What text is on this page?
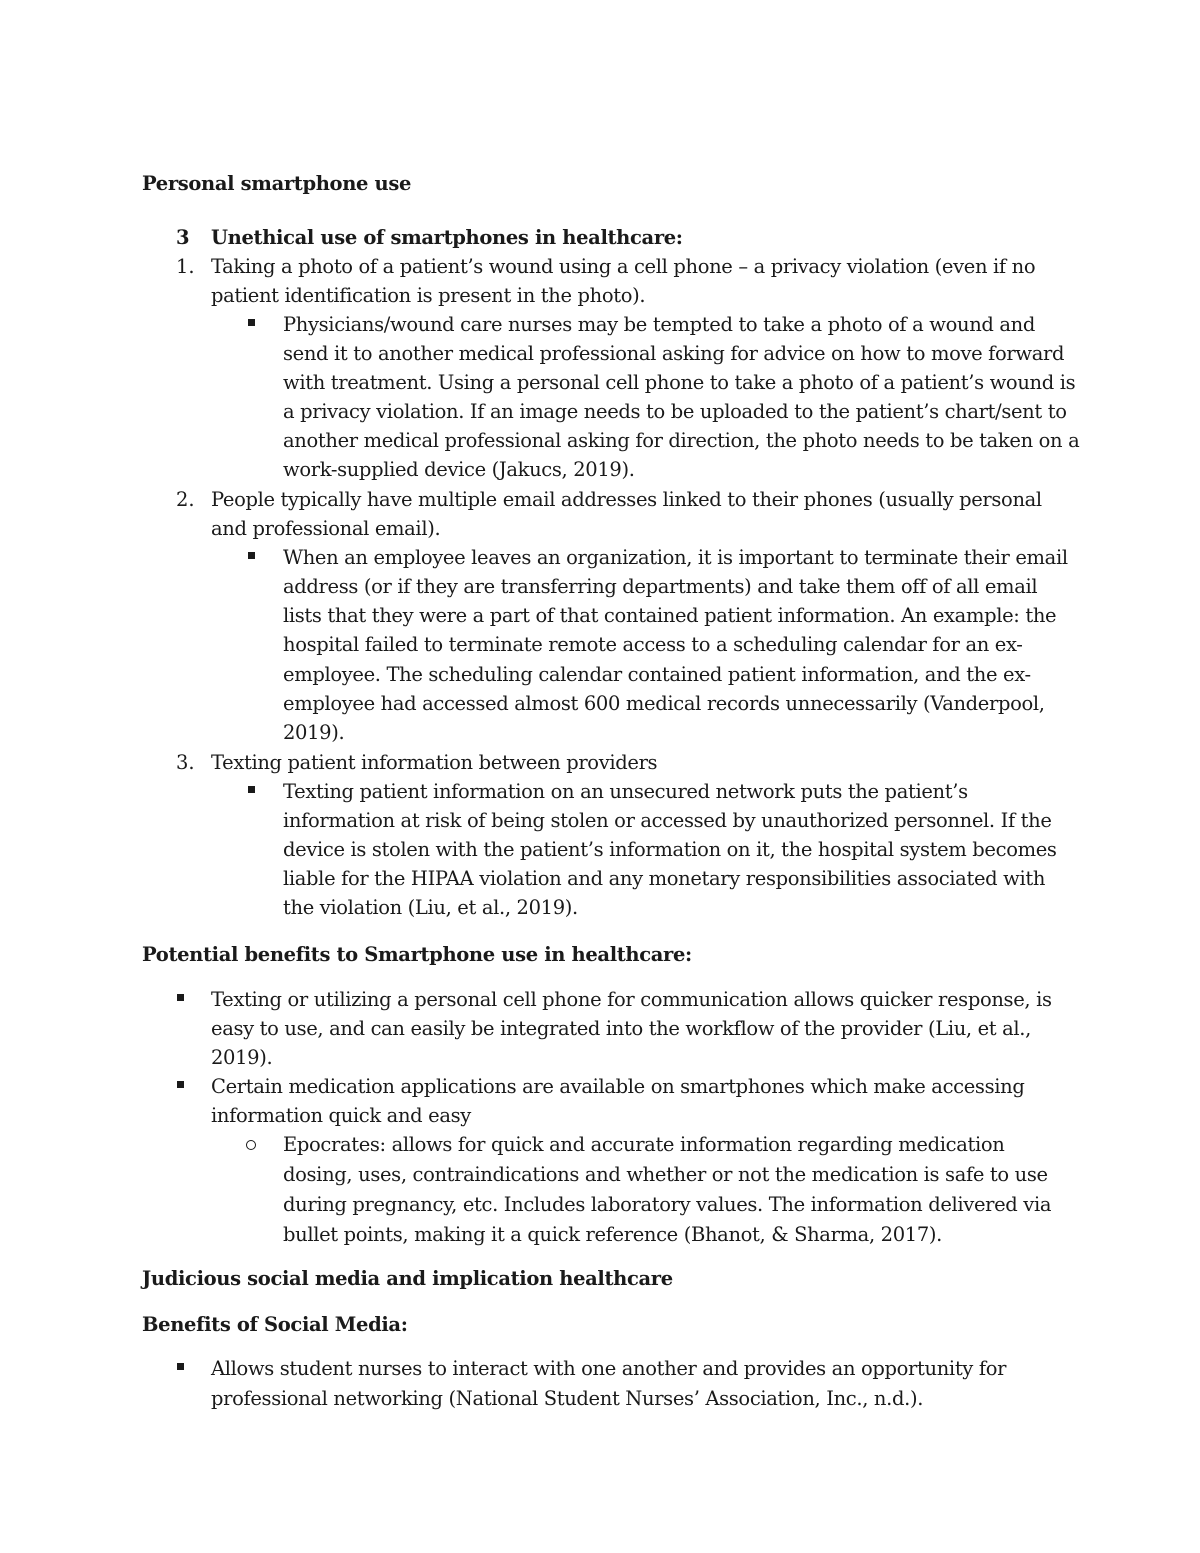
Personal smartphone use
3 Unethical use of smartphones in healthcare:
1. Taking a photo of a patient’s wound using a cell phone – a privacy violation (even if no
patient identification is present in the photo).
Physicians/wound care nurses may be tempted to take a photo of a wound and
send it to another medical professional asking for advice on how to move forward
with treatment. Using a personal cell phone to take a photo of a patient’s wound is
a privacy violation. If an image needs to be uploaded to the patient’s chart/sent to
another medical professional asking for direction, the photo needs to be taken on a
work-supplied device (Jakucs, 2019).
2. People typically have multiple email addresses linked to their phones (usually personal
and professional email).
When an employee leaves an organization, it is important to terminate their email
address (or if they are transferring departments) and take them off of all email
lists that they were a part of that contained patient information. An example: the
hospital failed to terminate remote access to a scheduling calendar for an ex-
employee. The scheduling calendar contained patient information, and the ex-
employee had accessed almost 600 medical records unnecessarily (Vanderpool,
2019).
3. Texting patient information between providers
Texting patient information on an unsecured network puts the patient’s
information at risk of being stolen or accessed by unauthorized personnel. If the
device is stolen with the patient’s information on it, the hospital system becomes
liable for the HIPAA violation and any monetary responsibilities associated with
the violation (Liu, et al., 2019).
Potential benefits to Smartphone use in healthcare:
Texting or utilizing a personal cell phone for communication allows quicker response, is
easy to use, and can easily be integrated into the workflow of the provider (Liu, et al.,
2019).
Certain medication applications are available on smartphones which make accessing
information quick and easy
Epocrates: allows for quick and accurate information regarding medication
dosing, uses, contraindications and whether or not the medication is safe to use
during pregnancy, etc. Includes laboratory values. The information delivered via
bullet points, making it a quick reference (Bhanot, & Sharma, 2017).
Judicious social media and implication healthcare
Benefits of Social Media:
Allows student nurses to interact with one another and provides an opportunity for
professional networking (National Student Nurses’ Association, Inc., n.d.).
